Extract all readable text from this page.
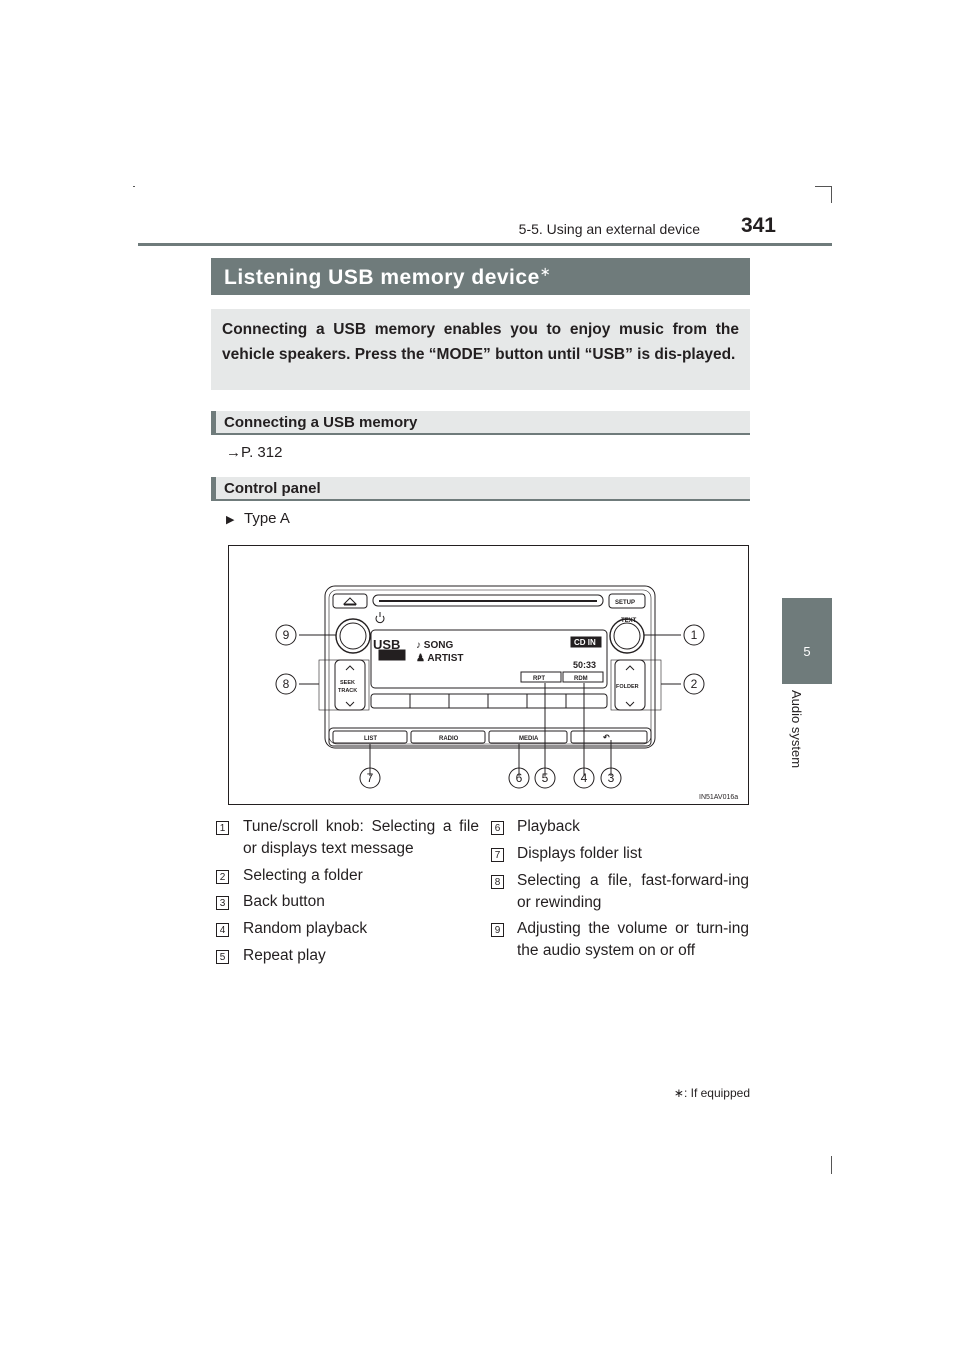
5-5. Using an external device	341
5
Audio system
Listening USB memory device∗

Connecting a USB memory enables you to enjoy music from the vehicle speakers. Press the “MODE” button until “USB” is dis-played.

Connecting a USB memory
→P. 312
Control panel
▶ Type A
USB ♪ SONG
♟ ARTIST
CD IN
50:33
RPT	RDM
SETUP
TEXT
SEEK
TRACK
FOLDER
LIST	RADIO	MEDIA	↶
9	1
8	2
7	6 5	4 3
IN51AV016a
1 Tune/scroll knob: Selecting a file or displays text message
2 Selecting a folder
3 Back button
4 Random playback
5 Repeat play
6 Playback
7 Displays folder list
8 Selecting a file, fast-forward-ing or rewinding
9 Adjusting the volume or turn-ing the audio system on or off
∗: If equipped
